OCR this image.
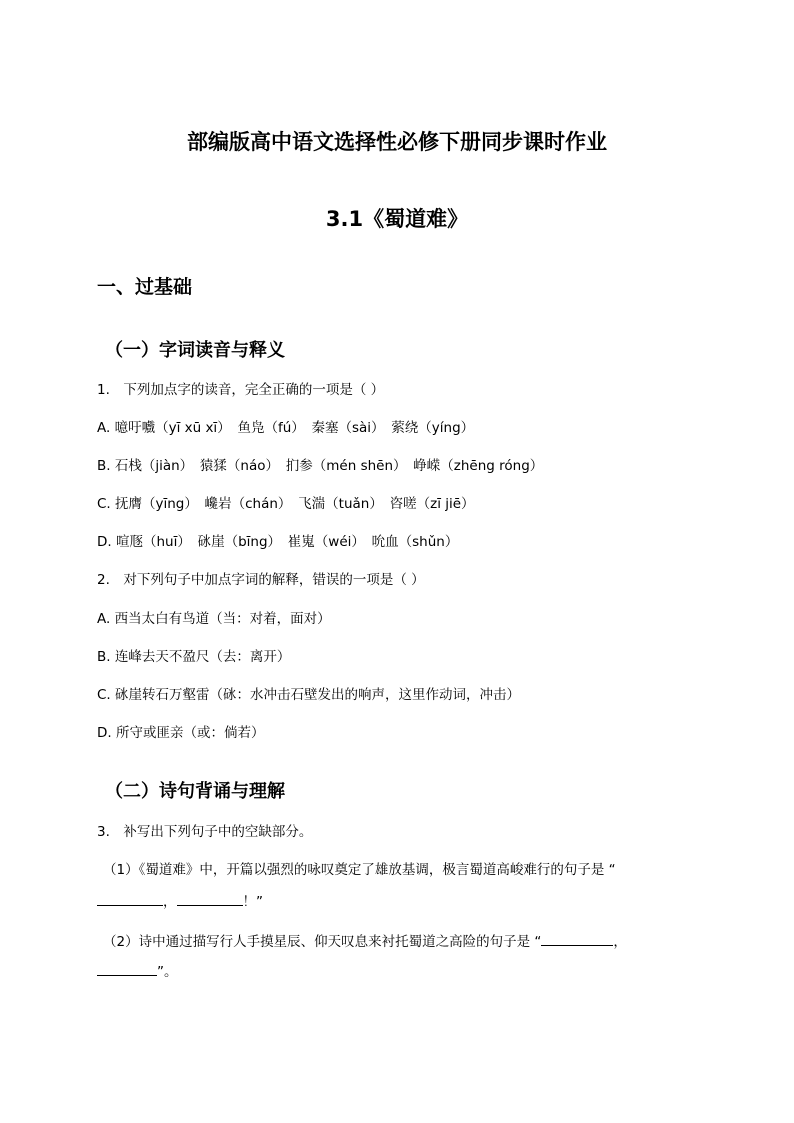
部编版高中语文选择性必修下册同步课时作业
3.1《蜀道难》
一、过基础
（一）字词读音与释义
1.　下列加点字的读音，完全正确的一项是（ ）
A. 噫吁嚱（yī xū xī）　鱼凫（fú）　秦塞（sài）　萦绕（yíng）
B. 石栈（jiàn）　猿猱（náo）　扪参（mén shēn）　峥嵘（zhēng róng）
C. 抚膺（yīng）　巉岩（chán）　飞湍（tuǎn）　咨嗟（zī jiē）
D. 喧豗（huī）　砯崖（bīng）　崔嵬（wéi）　吮血（shǔn）
2.　对下列句子中加点字词的解释，错误的一项是（ ）
A. 西当太白有鸟道（当：对着，面对）
B. 连峰去天不盈尺（去：离开）
C. 砯崖转石万壑雷（砯：水冲击石壁发出的响声，这里作动词，冲击）
D. 所守或匪亲（或：倘若）
（二）诗句背诵与理解
3.　补写出下列句子中的空缺部分。
（1）《蜀道难》中，开篇以强烈的咏叹奠定了雄放基调，极言蜀道高峻难行的句子是 “
，	！”
（2）诗中通过描写行人手摸星辰、仰天叹息来衬托蜀道之高险的句子是 “	，
”。
